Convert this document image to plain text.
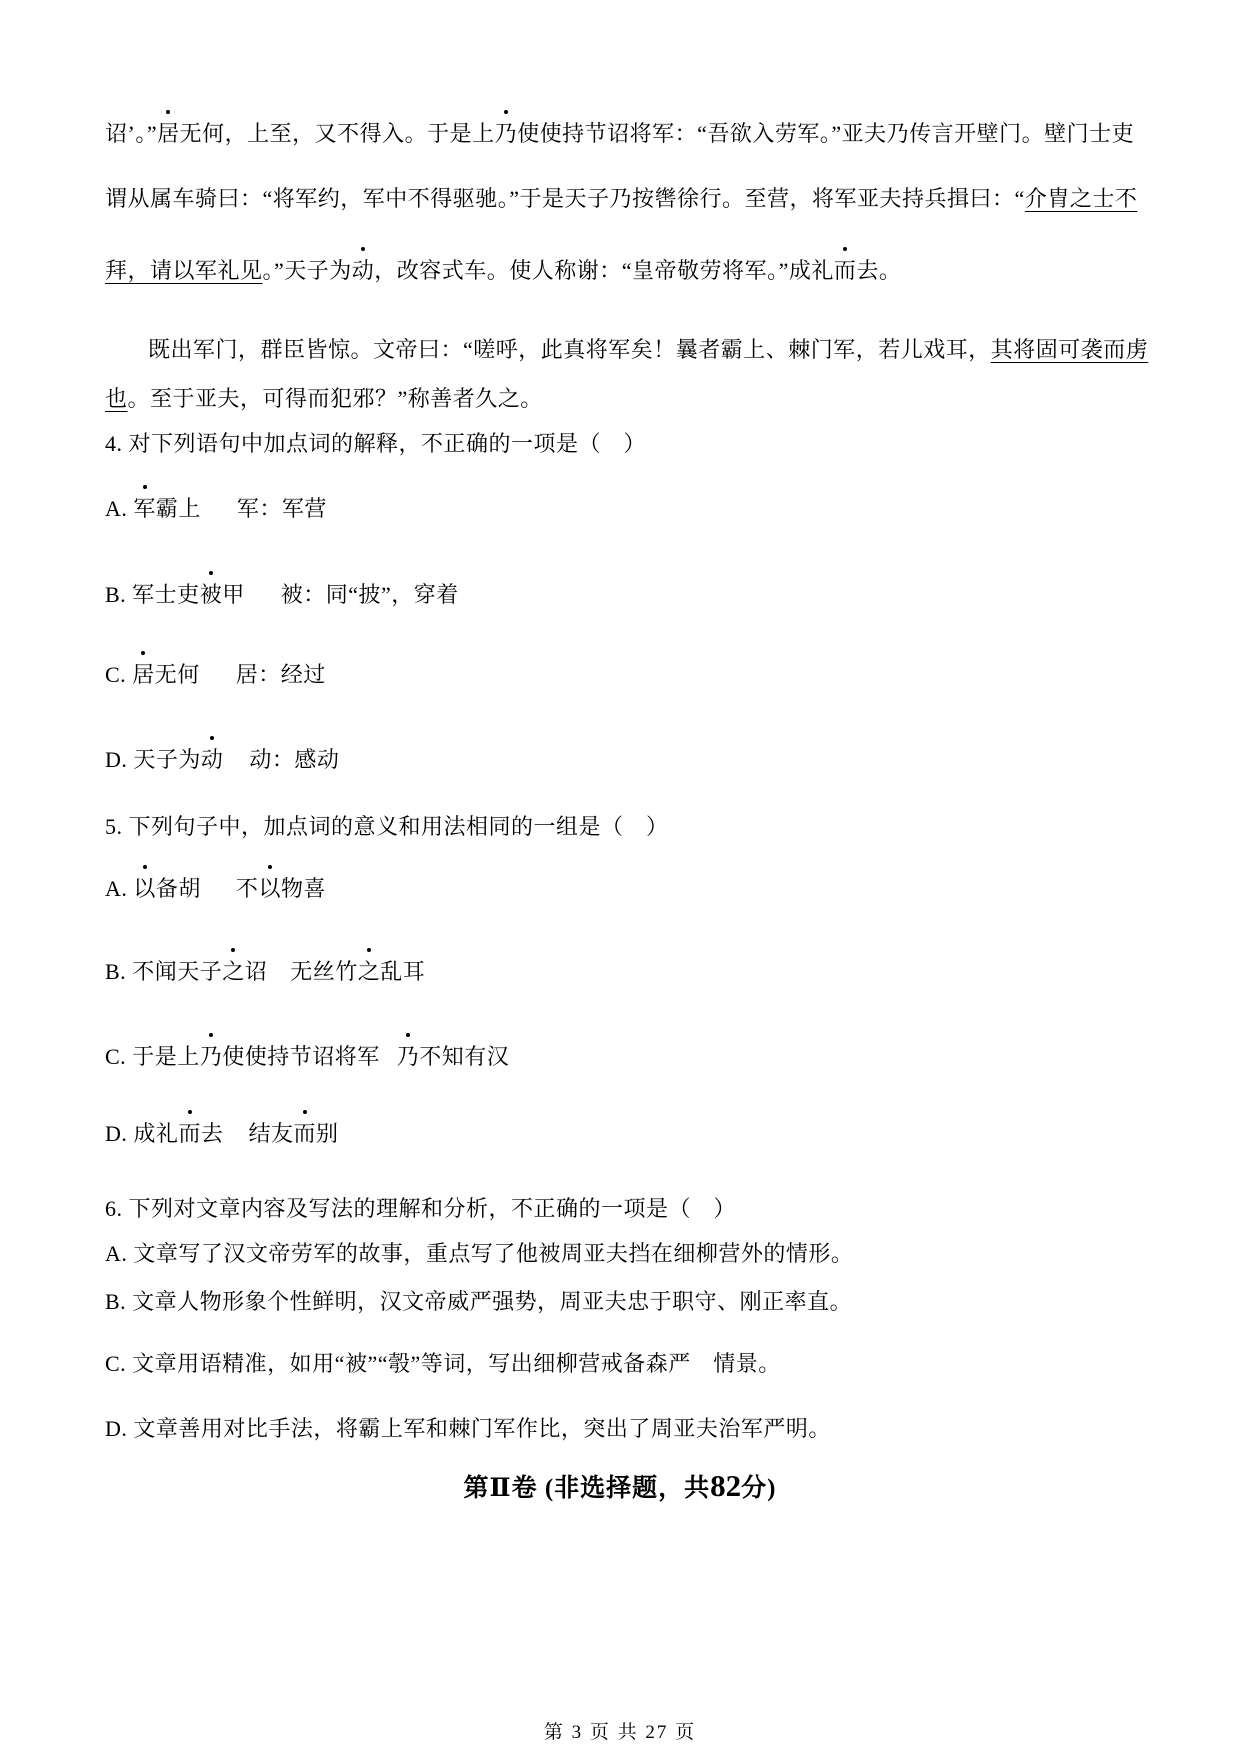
诏’。”居无何，上至，又不得入。于是上乃使使持节诏将军：“吾欲入劳军。”亚夫乃传言开壁门。壁门士吏
谓从属车骑曰：“将军约，军中不得驱驰。”于是天子乃按辔徐行。至营，将军亚夫持兵揖曰：“介胄之士不
拜，请以军礼见。”天子为动，改容式车。使人称谢：“皇帝敬劳将军。”成礼而去。
既出军门，群臣皆惊。文帝曰：“嗟呼，此真将军矣！曩者霸上、棘门军，若儿戏耳，其将固可袭而虏
也。至于亚夫，可得而犯邪？”称善者久之。
4. 对下列语句中加点词的解释，不正确的一项是（　）
A. 军霸上 军：军营
B. 军士吏被甲 被：同“披”，穿着
C. 居无何 居：经过
D. 天子为动 动：感动
5. 下列句子中，加点词的意义和用法相同的一组是（　）
A. 以备胡 不以物喜
B. 不闻天子之诏 无丝竹之乱耳
C. 于是上乃使使持节诏将军 乃不知有汉
D. 成礼而去 结友而别
6. 下列对文章内容及写法的理解和分析，不正确的一项是（　）
A. 文章写了汉文帝劳军的故事，重点写了他被周亚夫挡在细柳营外的情形。
B. 文章人物形象个性鲜明，汉文帝威严强势，周亚夫忠于职守、刚正率直。
C. 文章用语精准，如用“被”“彀”等词，写出细柳营戒备森严　情景。
D. 文章善用对比手法，将霸上军和棘门军作比，突出了周亚夫治军严明。
第Ⅱ卷 (非选择题，共82分)
第 3 页 共 27 页
